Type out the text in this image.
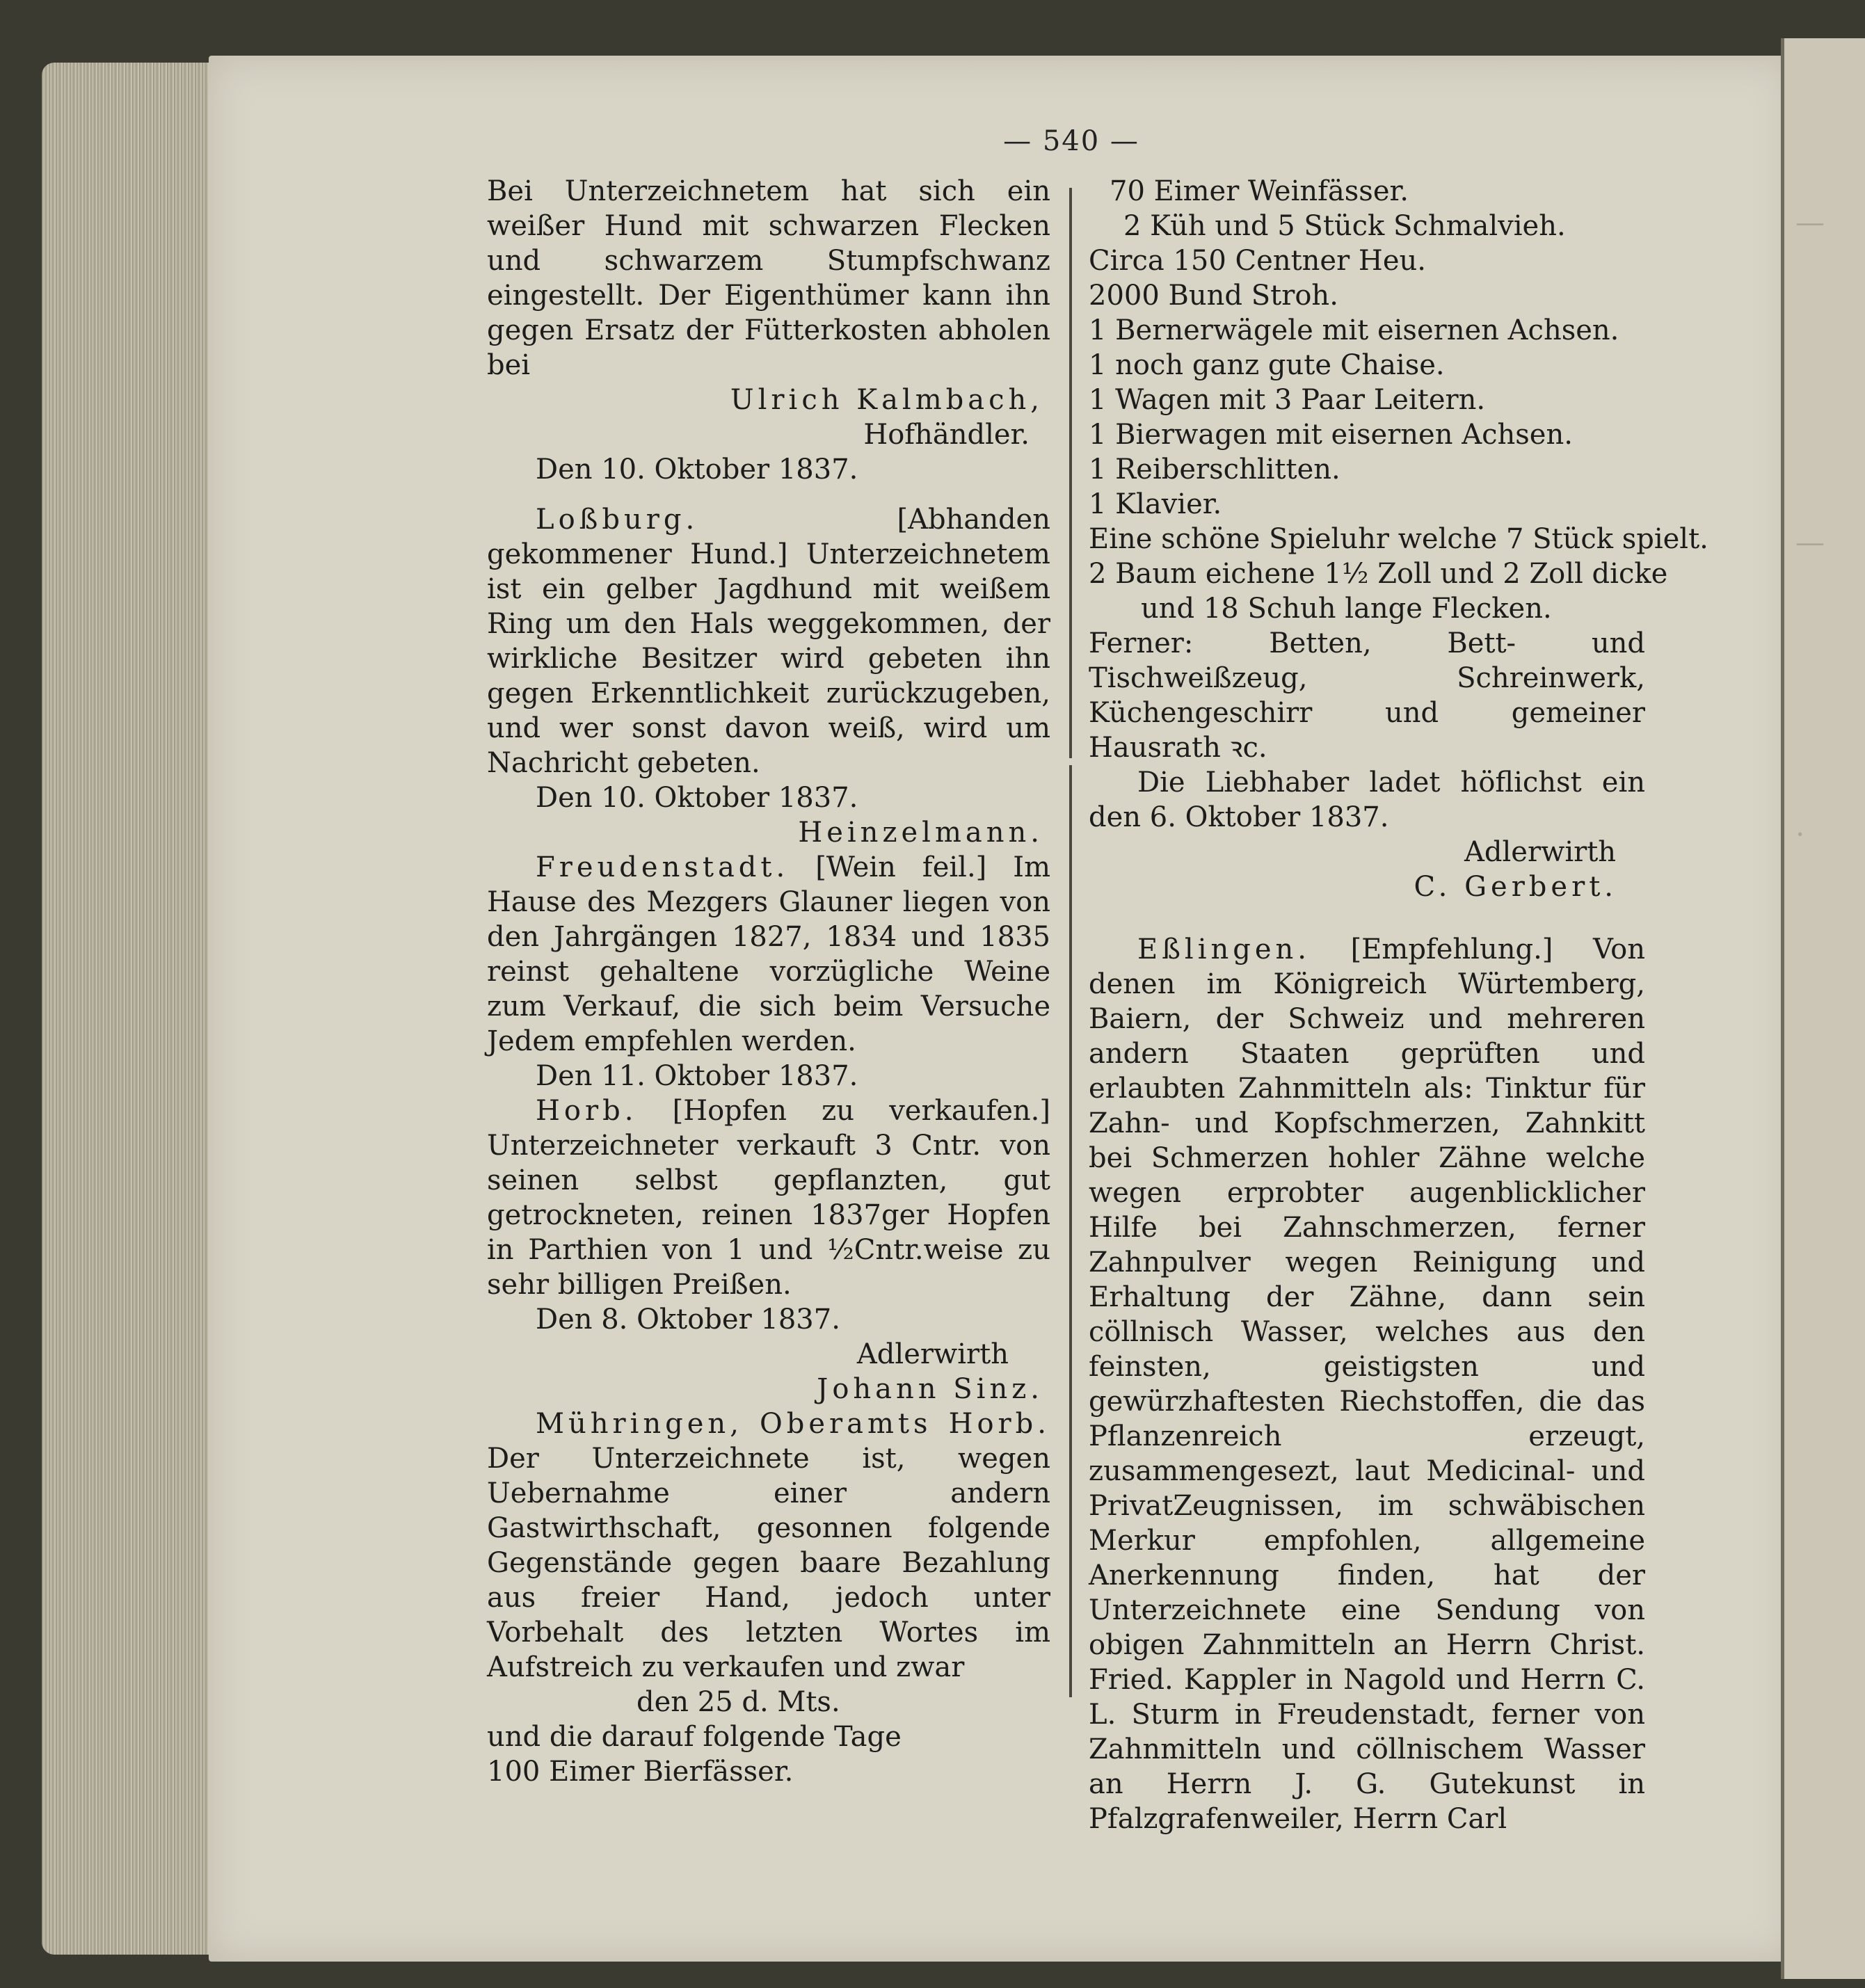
—
—
·
— 540 —

Bei Unterzeichnetem hat sich ein weißer Hund mit schwarzen Flecken und schwarzem Stumpfschwanz eingestellt. Der Eigenthümer kann ihn gegen Ersatz der Fütterkosten abholen bei

Ulrich Kalmbach,

Hofhändler.

Den 10. Oktober 1837.

Loßburg.	[Abhanden gekommener Hund.] Unterzeichnetem ist ein gelber Jagdhund mit weißem Ring um den Hals weggekommen, der wirkliche Besitzer wird gebeten ihn gegen Erkenntlichkeit zurückzugeben, und wer sonst davon weiß, wird um Nachricht gebeten.

Den 10. Oktober 1837.

Heinzelmann.

Freudenstadt. [Wein feil.] Im Hause des Mezgers Glauner liegen von den Jahrgängen 1827, 1834 und 1835 reinst gehaltene vorzügliche Weine zum Verkauf, die sich beim Versuche Jedem empfehlen werden.

Den 11. Oktober 1837.

Horb. [Hopfen zu verkaufen.] Unterzeichneter verkauft 3 Cntr. von seinen selbst gepflanzten, gut getrockneten, reinen 1837ger Hopfen in Parthien von 1 und ½Cntr.weise zu sehr billigen Preißen.

Den 8. Oktober 1837.

Adlerwirth

Johann Sinz.

Mühringen, Oberamts Horb. Der Unterzeichnete ist, wegen Uebernahme einer andern Gastwirthschaft, gesonnen folgende Gegenstände gegen baare Bezahlung aus freier Hand, jedoch unter Vorbehalt des letzten Wortes im Aufstreich zu verkaufen und zwar

den 25 d. Mts.

und die darauf folgende Tage

100 Eimer Bierfässer.

70 Eimer Weinfässer.

2 Küh und 5 Stück Schmalvieh.

Circa 150 Centner Heu.

2000 Bund Stroh.

1 Bernerwägele mit eisernen Achsen.

1 noch ganz gute Chaise.

1 Wagen mit 3 Paar Leitern.

1 Bierwagen mit eisernen Achsen.

1 Reiberschlitten.

1 Klavier.

Eine schöne Spieluhr welche 7 Stück spielt.

2 Baum eichene 1½ Zoll und 2 Zoll dicke

und 18 Schuh lange Flecken.

Ferner:	Betten, Bett- und Tischweißzeug, Schreinwerk, Küchengeschirr und gemeiner Hausrath ꝛc.

Die Liebhaber ladet höflichst ein den 6. Oktober 1837.

Adlerwirth

C. Gerbert.

Eßlingen. [Empfehlung.] Von denen im Königreich Würtemberg, Baiern, der Schweiz und mehreren andern Staaten geprüften und erlaubten Zahnmitteln als: Tinktur für Zahn- und Kopfschmerzen, Zahnkitt bei Schmerzen hohler Zähne welche wegen erprobter augenblicklicher Hilfe bei Zahnschmerzen, ferner Zahnpulver wegen Reinigung und Erhaltung der Zähne, dann sein cöllnisch Wasser, welches aus den feinsten, geistigsten und gewürzhaftesten Riechstoffen, die das Pflanzenreich erzeugt, zusammengesezt, laut Medicinal- und PrivatZeugnissen, im schwäbischen Merkur empfohlen, allgemeine Anerkennung finden, hat der Unterzeichnete eine Sendung von obigen Zahnmitteln an Herrn Christ. Fried. Kappler in Nagold und Herrn C. L. Sturm in Freudenstadt, ferner von Zahnmitteln und cöllnischem Wasser an Herrn J. G. Gutekunst in Pfalzgrafenweiler, Herrn Carl
